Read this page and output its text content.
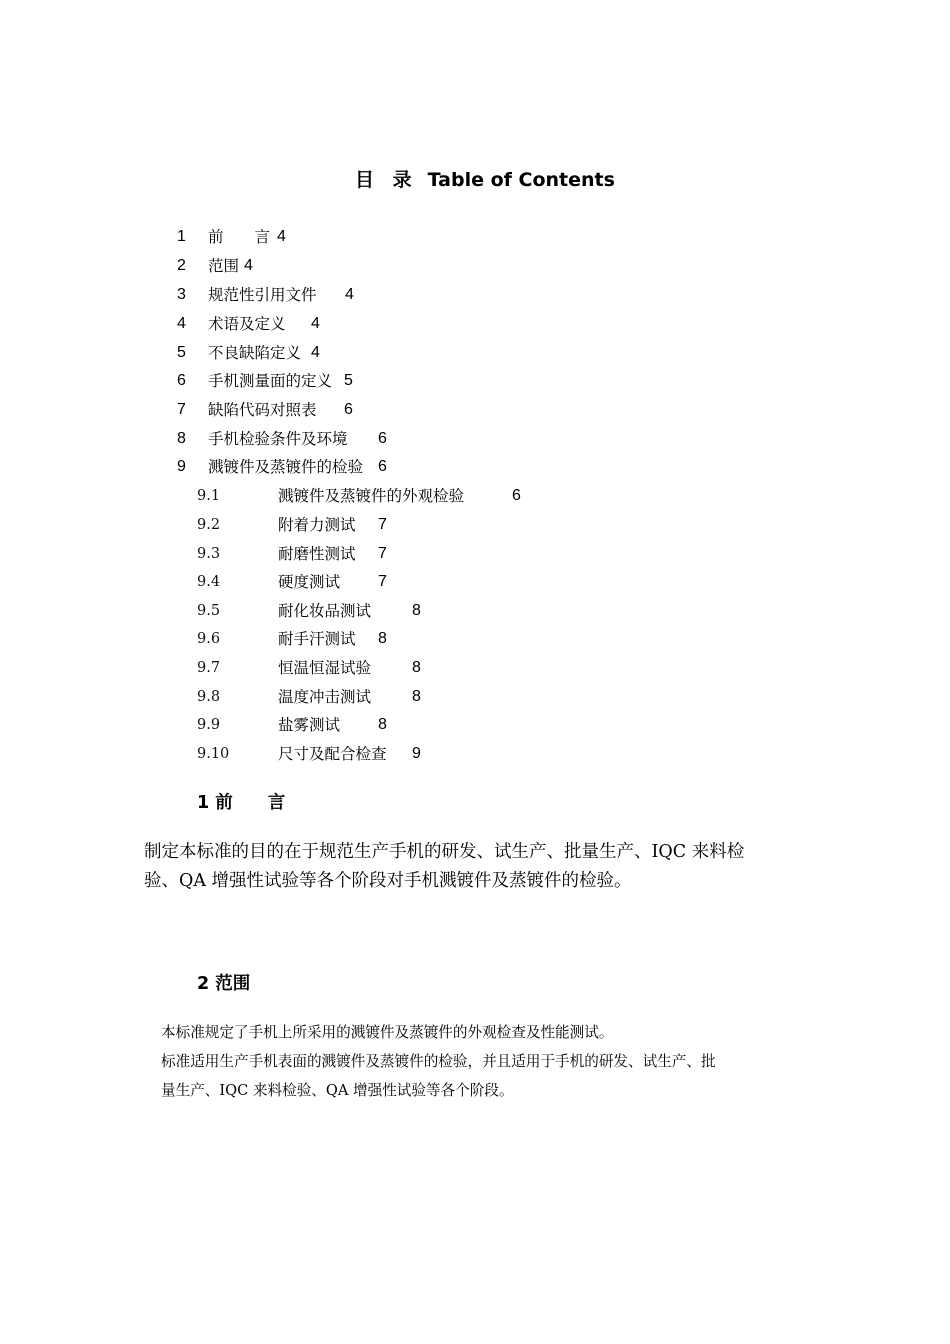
目 录 Table of Contents
1 前　　言 4
2 范围 4
3 规范性引用文件 4
4 术语及定义 4
5 不良缺陷定义 4
6 手机测量面的定义 5
7 缺陷代码对照表 6
8 手机检验条件及环境 6
9 溅镀件及蒸镀件的检验 6
9.1	溅镀件及蒸镀件的外观检验	6
9.2	附着力测试 7
9.3	耐磨性测试 7
9.4	硬度测试 7
9.5	耐化妆品测试	8
9.6	耐手汗测试 8
9.7	恒温恒湿试验	8
9.8	温度冲击测试	8
9.9	盐雾测试 8
9.10	尺寸及配合检查 9
1 前　　言
制定本标准的目的在于规范生产手机的研发、试生产、批量生产、IQC 来料检
验、QA 增强性试验等各个阶段对手机溅镀件及蒸镀件的检验。
2 范围
本标准规定了手机上所采用的溅镀件及蒸镀件的外观检查及性能测试。
标准适用生产手机表面的溅镀件及蒸镀件的检验，并且适用于手机的研发、试生产、批
量生产、IQC 来料检验、QA 增强性试验等各个阶段。
